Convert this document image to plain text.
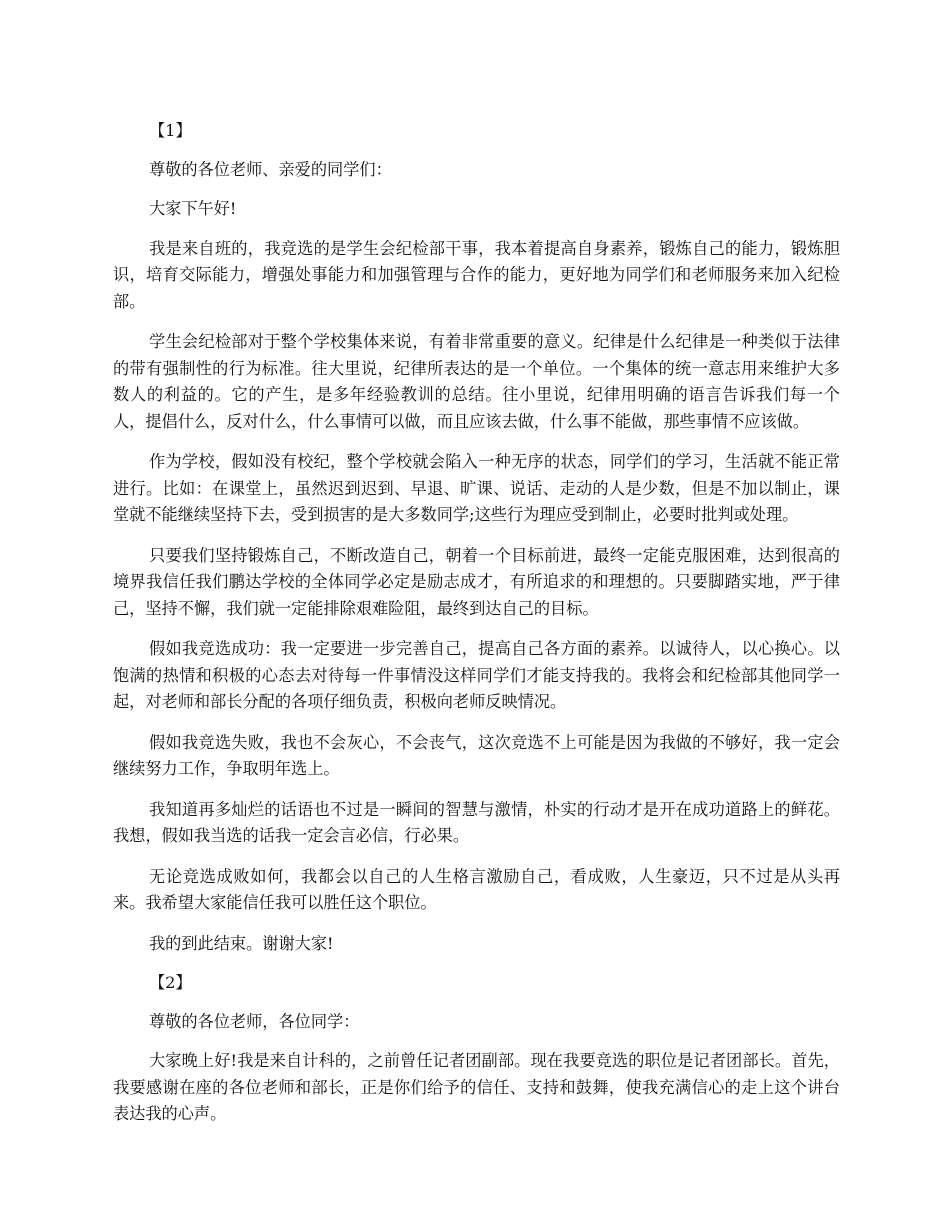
【1】

尊敬的各位老师、亲爱的同学们：

大家下午好!

我是来自班的，我竞选的是学生会纪检部干事，我本着提高自身素养，锻炼自己的能力，锻炼胆识，培育交际能力，增强处事能力和加强管理与合作的能力，更好地为同学们和老师服务来加入纪检部。

学生会纪检部对于整个学校集体来说，有着非常重要的意义。纪律是什么纪律是一种类似于法律的带有强制性的行为标准。往大里说，纪律所表达的是一个单位。一个集体的统一意志用来维护大多数人的利益的。它的产生，是多年经验教训的总结。往小里说，纪律用明确的语言告诉我们每一个人，提倡什么，反对什么，什么事情可以做，而且应该去做，什么事不能做，那些事情不应该做。

作为学校，假如没有校纪，整个学校就会陷入一种无序的状态，同学们的学习，生活就不能正常进行。比如：在课堂上，虽然迟到迟到、早退、旷课、说话、走动的人是少数，但是不加以制止，课堂就不能继续坚持下去，受到损害的是大多数同学;这些行为理应受到制止，必要时批判或处理。

只要我们坚持锻炼自己，不断改造自己，朝着一个目标前进，最终一定能克服困难，达到很高的境界我信任我们鹏达学校的全体同学必定是励志成才，有所追求的和理想的。只要脚踏实地，严于律己，坚持不懈，我们就一定能排除艰难险阻，最终到达自己的目标。

假如我竞选成功：我一定要进一步完善自己，提高自己各方面的素养。以诚待人，以心换心。以饱满的热情和积极的心态去对待每一件事情没这样同学们才能支持我的。我将会和纪检部其他同学一起，对老师和部长分配的各项仔细负责，积极向老师反映情况。

假如我竞选失败，我也不会灰心，不会丧气，这次竞选不上可能是因为我做的不够好，我一定会继续努力工作，争取明年选上。

我知道再多灿烂的话语也不过是一瞬间的智慧与激情，朴实的行动才是开在成功道路上的鲜花。我想，假如我当选的话我一定会言必信，行必果。

无论竞选成败如何，我都会以自己的人生格言激励自己，看成败，人生豪迈，只不过是从头再来。我希望大家能信任我可以胜任这个职位。

我的到此结束。谢谢大家!

【2】

尊敬的各位老师，各位同学：

大家晚上好!我是来自计科的，之前曾任记者团副部。现在我要竞选的职位是记者团部长。首先，我要感谢在座的各位老师和部长，正是你们给予的信任、支持和鼓舞，使我充满信心的走上这个讲台表达我的心声。
